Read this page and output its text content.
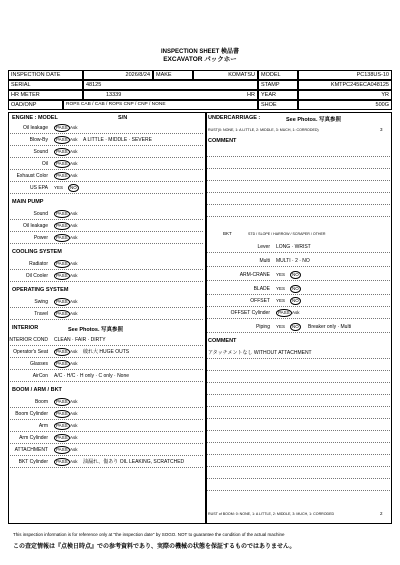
INSPECTION SHEET 検品書
EXCAVATOR パックホー
INSPECTION DATE	2026/8/24	MAKE	KOMATSU	MODEL	PC138US-10
SERIAL	48125	STAMP	KMTPC245ECA048125
HR METER	13339	HR	YEAR	YR
OAD/ONP	ROPS CAB / CAB / ROPS CNP / CNP / NONE	SHOE	500G
ENGINE : MODEL	S/N
Oil leakage	PASS Ask
Blow-By	PASS Ask A LITTLE · MIDDLE · SEVERE
Sound	PASS Ask
Oil	PASS Ask
Exhaust Color	PASS Ask
US EPA YES	NO
MAIN PUMP
Sound	PASS Ask
Oil leakage	PASS Ask
Power	PASS Ask
COOLING SYSTEM
Radiator	PASS Ask
Oil Cooler	PASS Ask
OPERATING SYSTEM
Swing	PASS Ask
Travel	PASS Ask
INTERIOR	See Photos. 写真参照
INTERIOR COND CLEAN · FAIR · DIRTY
Operator's Seat	PASS Ask 破れ大 HUGE OUTS
Glasses	PASS Ask
AirCon A/C · H/C · H only · C only · None
BOOM / ARM / BKT
Boom	PASS Ask
Boom Cylinder	PASS Ask
Arm	PASS Ask
Arm Cylinder	PASS Ask
ATTACHMENT	PASS Ask
BKT Cylinder	PASS Ask 油漏れ、傷あり OIL LEAKING, SCRATCHED
UNDERCARRIAGE :	See Photos. 写真参照
RUST(0: NONE, 1: A LITTLE, 2: MIDDLE, 3: MUCH, 1: CORRODED)	3
COMMENT
BKT	STD / SLOPE / HARROW / SCRAPER / OTHER
Lever LONG · WRIST
Multi MULTI · 2 · NO
ARM-CRANE YES	NO
BLADE YES	NO
OFFSET YES	NO
OFFSET Cylinder	PASS Ask
Piping YES	NO	Breaker only · Multi
COMMENT
アタッチメントなし WITHOUT ATTACHMENT
RUST of BOOM: 0: NONE, 1: A LITTLE, 2: MIDDLE, 3: MUCH, 1: CORRODED	2
This inspection information is for reference only at "the inspection date" by SOGO. NOT to guarantee the condition of the actual machine
この査定情報は『点検日時点』での参考資料であり、実際の機械の状態を保証するものではありません。
